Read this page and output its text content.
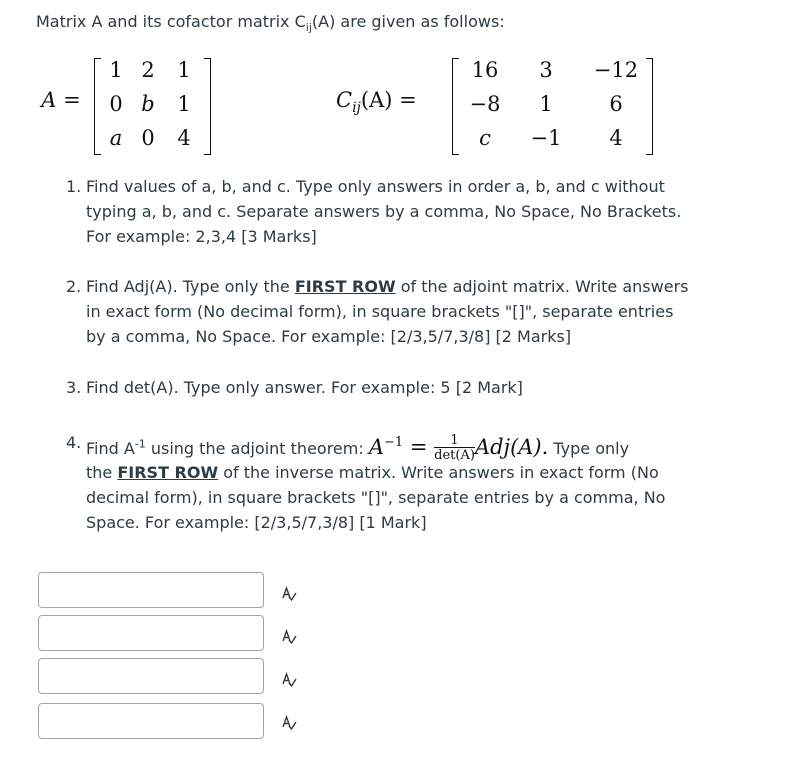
Matrix A and its cofactor matrix $C_{ij}(A)$ are given as follows:
A =
1 2	1
0 b	1
a 0	4
$C_{ij}(A)$ =
16	3	−12
−8	1	6
c	−1	4
1. Find values of a, b, and c. Type only answers in order a, b, and c without typing a, b, and c. Separate answers by a comma, No Space, No Brackets. For example: 2,3,4 [3 Marks]
2. Find Adj(A). Type only the FIRST ROW of the adjoint matrix. Write answers in exact form (No decimal form), in square brackets "[]", separate entries by a comma, No Space. For example: [2/3,5/7,3/8] [2 Marks]
3. Find det(A). Type only answer. For example: 5 [2 Mark]
4. Find $A^{-1}$ using the adjoint theorem: $A^{-1} = \frac{1}{\det(A)} Adj(A)$. Type only
the FIRST ROW of the inverse matrix. Write answers in exact form (No decimal form), in square brackets "[]", separate entries by a comma, No Space. For example: [2/3,5/7,3/8] [1 Mark]
